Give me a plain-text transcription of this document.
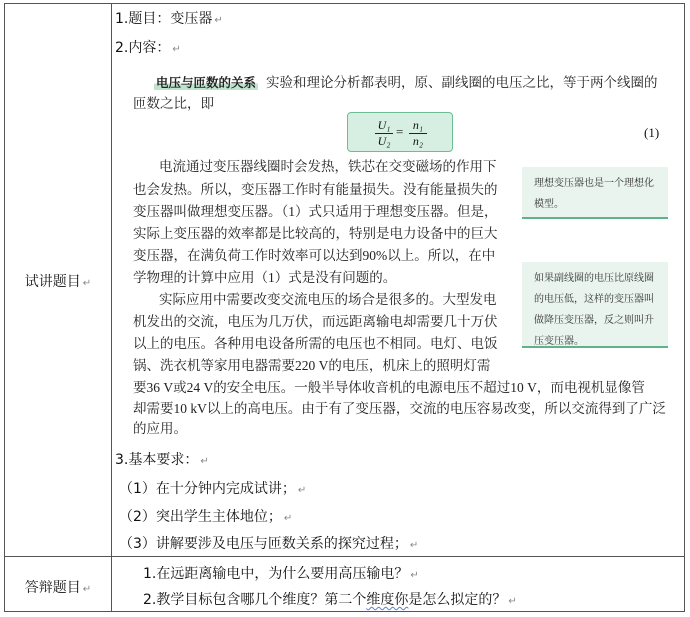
试讲题目 ↵
答辩题目 ↵
1.题目：变压器 ↵
2.内容： ↵
电压与匝数的关系 实验和理论分析都表明，原、副线圈的电压之比，等于两个线圈的
匝数之比，即
U₁
U₂
= n₁
n₂
(1)
电流通过变压器线圈时会发热，铁芯在交变磁场的作用下
也会发热。所以，变压器工作时有能量损失。没有能量损失的
变压器叫做理想变压器。（1）式只适用于理想变压器。但是，
实际上变压器的效率都是比较高的，特别是电力设备中的巨大
变压器，在满负荷工作时效率可以达到90%以上。所以，在中
学物理的计算中应用（1）式是没有问题的。
实际应用中需要改变交流电压的场合是很多的。大型发电
机发出的交流，电压为几万伏，而远距离输电却需要几十万伏
以上的电压。各种用电设备所需的电压也不相同。电灯、电饭
锅、洗衣机等家用电器需要220 V的电压，机床上的照明灯需
要36 V或24 V的安全电压。一般半导体收音机的电源电压不超过10 V，而电视机显像管
却需要10 kV以上的高电压。由于有了变压器，交流的电压容易改变，所以交流得到了广泛
的应用。
理想变压器也是一个理想化模型。
如果副线圈的电压比原线圈的电压低，这样的变压器叫做降压变压器，反之则叫升压变压器。
3.基本要求： ↵
（1）在十分钟内完成试讲； ↵
（2）突出学生主体地位； ↵
（3）讲解要涉及电压与匝数关系的探究过程； ↵
1.在远距离输电中，为什么要用高压输电？ ↵
2.教学目标包含哪几个维度？第二个维度你是怎么拟定的？ ↵
